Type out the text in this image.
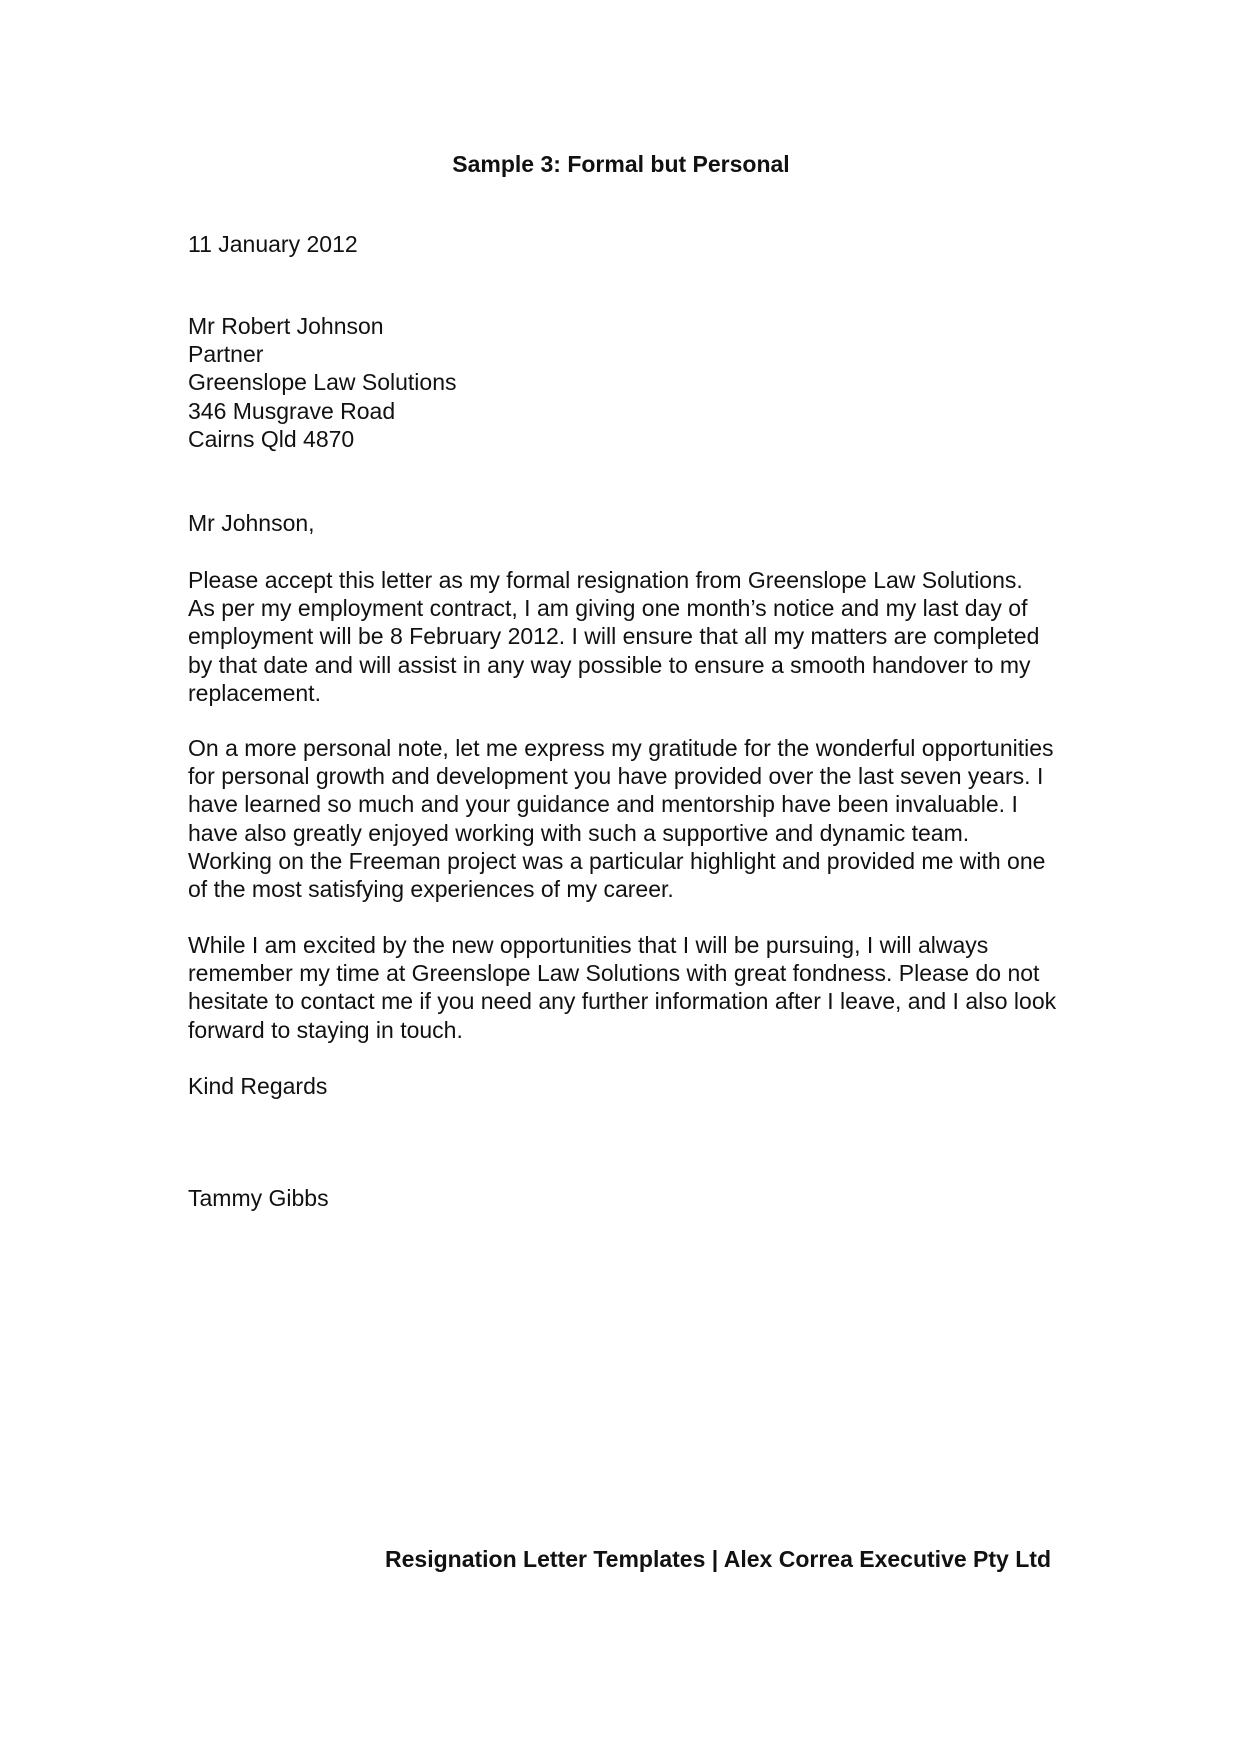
Sample 3: Formal but Personal
11 January 2012
Mr Robert Johnson
Partner
Greenslope Law Solutions
346 Musgrave Road
Cairns Qld 4870
Mr Johnson,
Please accept this letter as my formal resignation from Greenslope Law Solutions.
As per my employment contract, I am giving one month’s notice and my last day of
employment will be 8 February 2012. I will ensure that all my matters are completed
by that date and will assist in any way possible to ensure a smooth handover to my
replacement.
On a more personal note, let me express my gratitude for the wonderful opportunities
for personal growth and development you have provided over the last seven years. I
have learned so much and your guidance and mentorship have been invaluable. I
have also greatly enjoyed working with such a supportive and dynamic team.
Working on the Freeman project was a particular highlight and provided me with one
of the most satisfying experiences of my career.
While I am excited by the new opportunities that I will be pursuing, I will always
remember my time at Greenslope Law Solutions with great fondness. Please do not
hesitate to contact me if you need any further information after I leave, and I also look
forward to staying in touch.
Kind Regards
Tammy Gibbs
Resignation Letter Templates | Alex Correa Executive Pty Ltd
